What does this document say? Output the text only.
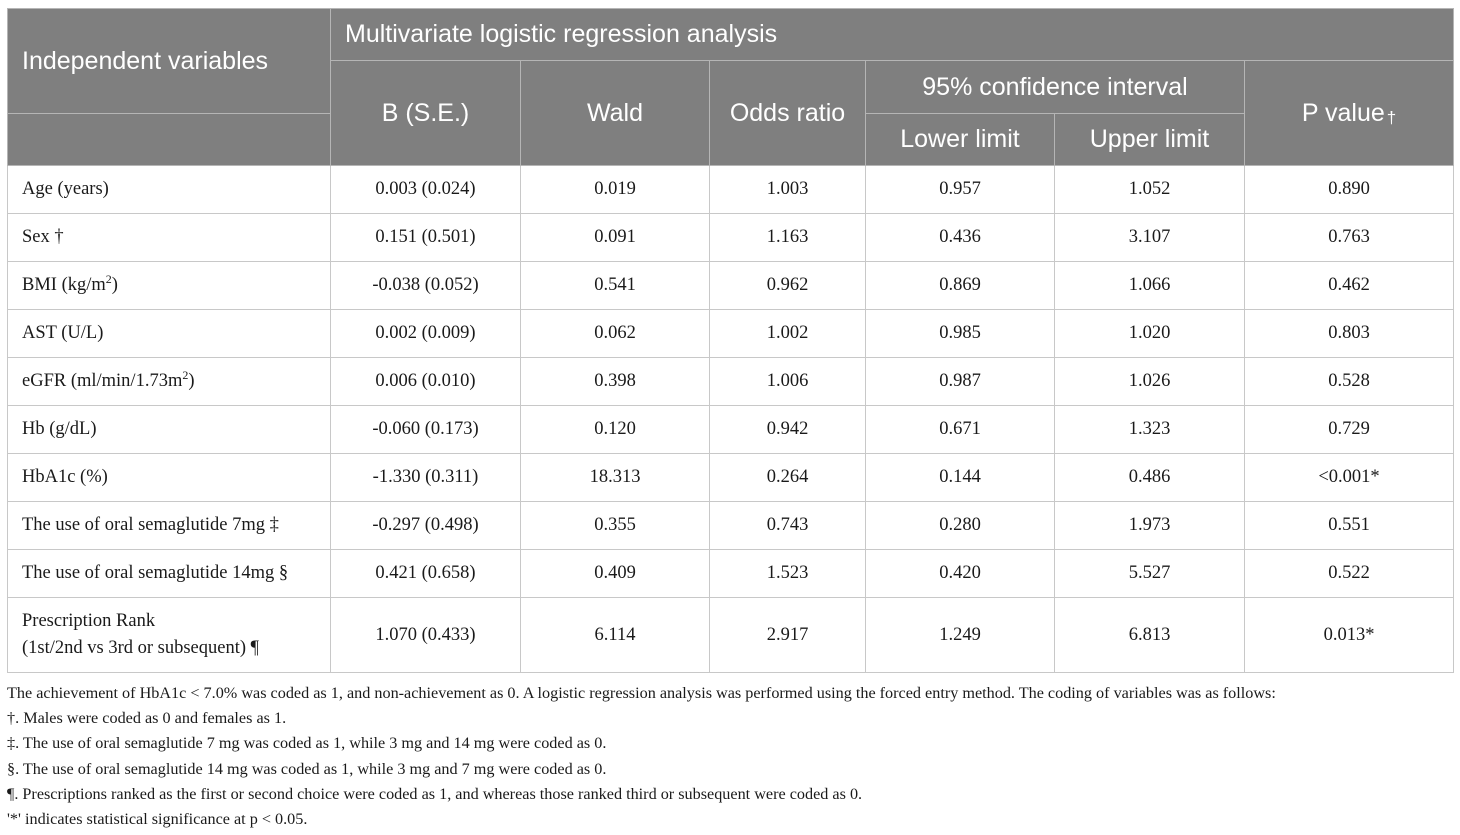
Independent variables	Multivariate logistic regression analysis					
	B (S.E.)	Wald	Odds ratio	95% confidence interval		P value †
				Lower limit	Upper limit	
Age (years)	0.003 (0.024)	0.019	1.003	0.957	1.052	0.890
Sex †	0.151 (0.501)	0.091	1.163	0.436	3.107	0.763
BMI $(kg/m^2)$	-0.038 (0.052)	0.541	0.962	0.869	1.066	0.462
AST (U/L)	0.002 (0.009)	0.062	1.002	0.985	1.020	0.803
eGFR $(ml/\min/1.73m^2)$	0.006 (0.010)	0.398	1.006	0.987	1.026	0.528
Hb (g/dL)	-0.060 (0.173)	0.120	0.942	0.671	1.323	0.729
HbA1c (%)	-1.330 (0.311)	18.313	0.264	0.144	0.486	<0.001*
The use of oral semaglutide 7mg ‡	-0.297 (0.498)	0.355	0.743	0.280	1.973	0.551
The use of oral semaglutide 14mg §	0.421 (0.658)	0.409	1.523	0.420	5.527	0.522
Prescription Rank
(1st/2nd vs 3rd or subsequent) ¶	1.070 (0.433)	6.114	2.917	1.249	6.813	0.013*

The achievement of HbA1c < 7.0% was coded as 1, and non-achievement as 0. A logistic regression analysis was performed using the forced entry method. The coding of variables was as follows:

†. Males were coded as 0 and females as 1.

‡. The use of oral semaglutide 7 mg was coded as 1, while 3 mg and 14 mg were coded as 0.

§. The use of oral semaglutide 14 mg was coded as 1, while 3 mg and 7 mg were coded as 0.

¶. Prescriptions ranked as the first or second choice were coded as 1, and whereas those ranked third or subsequent were coded as 0.

'*' indicates statistical significance at p < 0.05.
